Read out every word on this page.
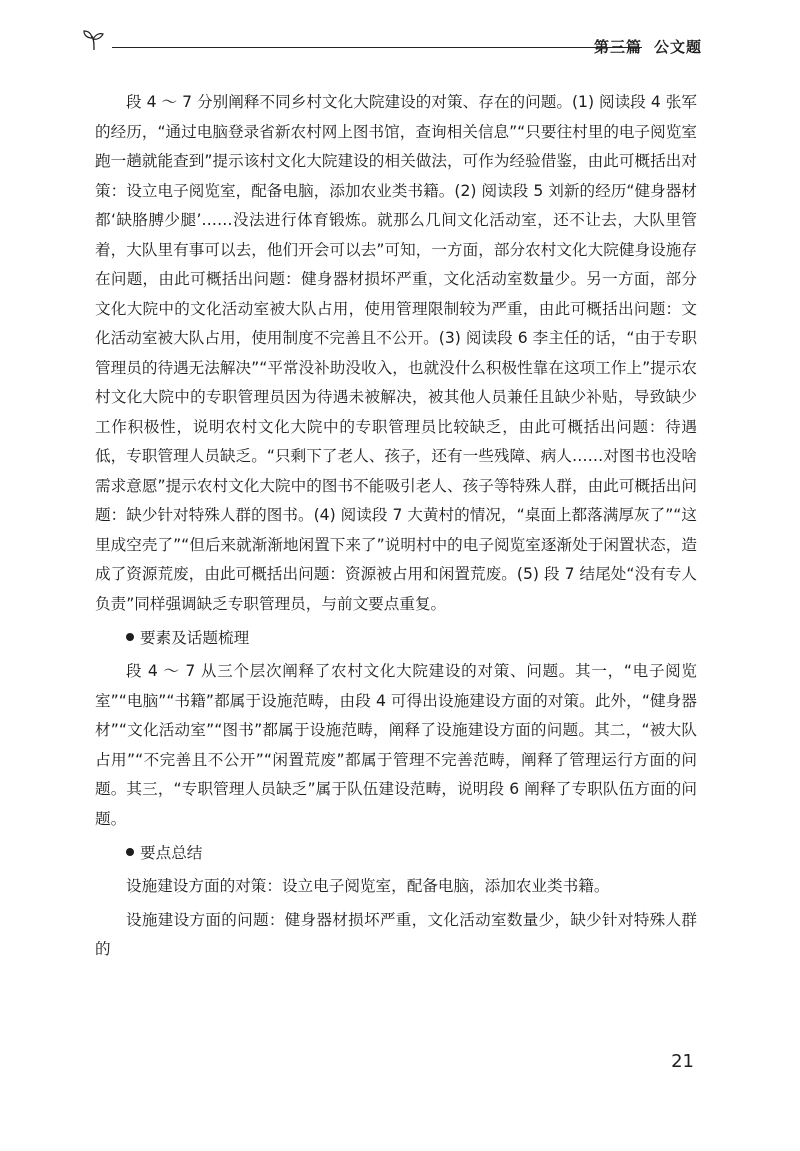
第三篇 公文题

段 4 ～ 7 分别阐释不同乡村文化大院建设的对策、存在的问题。(1) 阅读段 4 张军的经历，“通过电脑登录省新农村网上图书馆，查询相关信息”“只要往村里的电子阅览室跑一趟就能查到”提示该村文化大院建设的相关做法，可作为经验借鉴，由此可概括出对策：设立电子阅览室，配备电脑，添加农业类书籍。(2) 阅读段 5 刘新的经历“健身器材都‘缺胳膊少腿’……没法进行体育锻炼。就那么几间文化活动室，还不让去，大队里管着，大队里有事可以去，他们开会可以去”可知，一方面，部分农村文化大院健身设施存在问题，由此可概括出问题：健身器材损坏严重，文化活动室数量少。另一方面，部分文化大院中的文化活动室被大队占用，使用管理限制较为严重，由此可概括出问题：文化活动室被大队占用，使用制度不完善且不公开。(3) 阅读段 6 李主任的话，“由于专职管理员的待遇无法解决”“平常没补助没收入，也就没什么积极性靠在这项工作上”提示农村文化大院中的专职管理员因为待遇未被解决，被其他人员兼任且缺少补贴，导致缺少工作积极性，说明农村文化大院中的专职管理员比较缺乏，由此可概括出问题：待遇低，专职管理人员缺乏。“只剩下了老人、孩子，还有一些残障、病人……对图书也没啥需求意愿”提示农村文化大院中的图书不能吸引老人、孩子等特殊人群，由此可概括出问题：缺少针对特殊人群的图书。(4) 阅读段 7 大黄村的情况，“桌面上都落满厚灰了”“这里成空壳了”“但后来就渐渐地闲置下来了”说明村中的电子阅览室逐渐处于闲置状态，造成了资源荒废，由此可概括出问题：资源被占用和闲置荒废。(5) 段 7 结尾处“没有专人负责”同样强调缺乏专职管理员，与前文要点重复。

要素及话题梳理

段 4 ～ 7 从三个层次阐释了农村文化大院建设的对策、问题。其一，“电子阅览室”“电脑”“书籍”都属于设施范畴，由段 4 可得出设施建设方面的对策。此外，“健身器材”“文化活动室”“图书”都属于设施范畴，阐释了设施建设方面的问题。其二，“被大队占用”“不完善且不公开”“闲置荒废”都属于管理不完善范畴，阐释了管理运行方面的问题。其三，“专职管理人员缺乏”属于队伍建设范畴，说明段 6 阐释了专职队伍方面的问题。

要点总结

设施建设方面的对策：设立电子阅览室，配备电脑，添加农业类书籍。

设施建设方面的问题：健身器材损坏严重，文化活动室数量少，缺少针对特殊人群的

21
